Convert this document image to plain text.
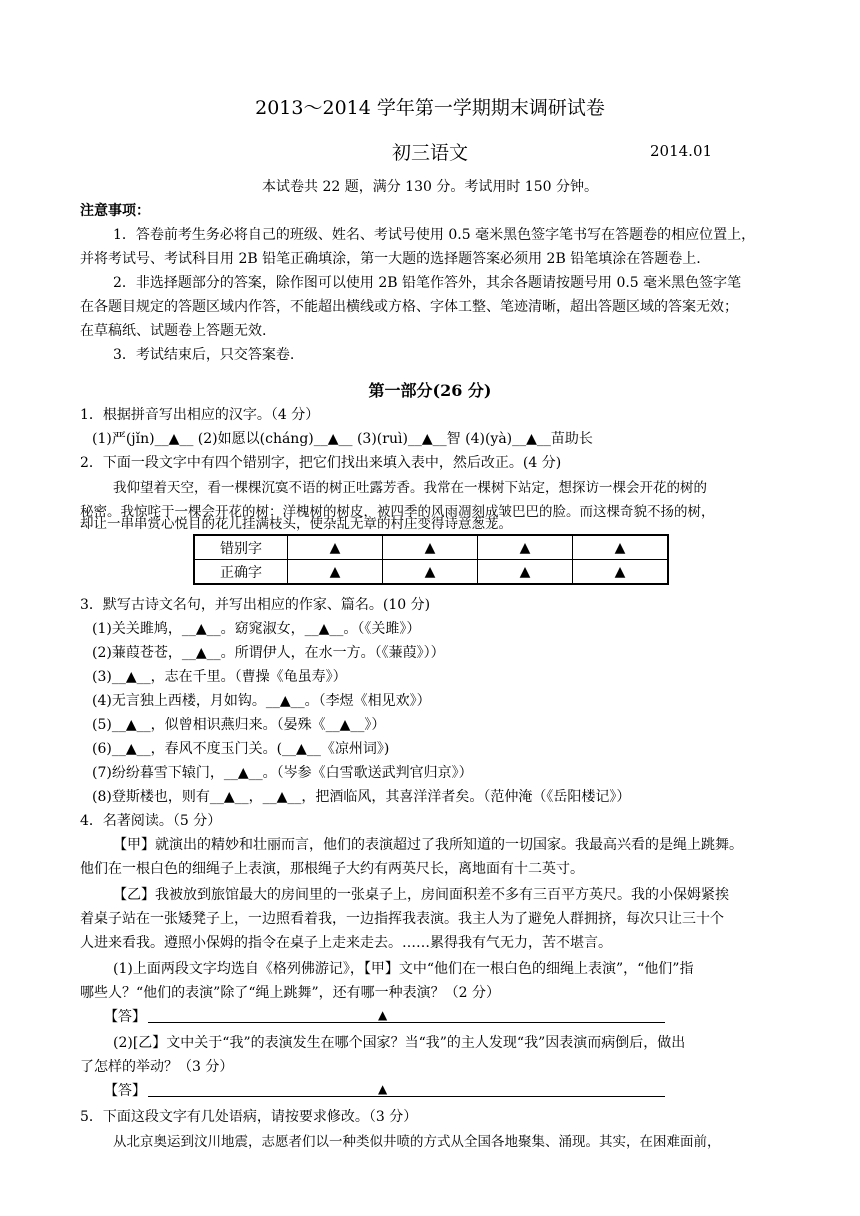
2013～2014 学年第一学期期末调研试卷
初三语文	2014.01
本试卷共 22 题，满分 130 分。考试用时 150 分钟。
注意事项：
1．答卷前考生务必将自己的班级、姓名、考试号使用 0.5 毫米黑色签字笔书写在答题卷的相应位置上，
并将考试号、考试科目用 2B 铅笔正确填涂，第一大题的选择题答案必须用 2B 铅笔填涂在答题卷上.
2．非选择题部分的答案，除作图可以使用 2B 铅笔作答外，其余各题请按题号用 0.5 毫米黑色签字笔
在各题目规定的答题区域内作答，不能超出横线或方格、字体工整、笔迹清晰，超出答题区域的答案无效；
在草稿纸、试题卷上答题无效.
3．考试结束后，只交答案卷.
第一部分(26 分)
1．根据拼音写出相应的汉字。（4 分）
(1)严(jǐn)__▲__ (2)如愿以(cháng)__▲__ (3)(ruì)__▲__智 (4)(yà)__▲__苗助长
2．下面一段文字中有四个错别字，把它们找出来填入表中，然后改正。(4 分)
我仰望着天空，看一棵棵沉寞不语的树正吐露芳香。我常在一棵树下站定，想探访一棵会开花的树的
秘密。我惊咤于一棵会开花的树：洋槐树的树皮，被四季的风雨凋刻成皱巴巴的脸。而这棵奇貌不扬的树，
却让一串串赏心悦目的花儿挂满枝头，使杂乱无章的村庄变得诗意葱茏。
错别字	▲	▲	▲	▲
正确字	▲	▲	▲	▲
3．默写古诗文名句，并写出相应的作家、篇名。(10 分)
(1)关关雎鸠，__▲__。窈窕淑女，__▲__。（《关雎》）
(2)蒹葭苍苍，__▲__。所谓伊人，在水一方。（《蒹葭》））
(3)__▲__，志在千里。（曹操《龟虽寿》）
(4)无言独上西楼，月如钩。__▲__。（李煜《相见欢》）
(5)__▲__，似曾相识燕归来。（晏殊《__▲__》）
(6)__▲__，春风不度玉门关。(__▲__《凉州词》)
(7)纷纷暮雪下辕门，__▲__。（岑参《白雪歌送武判官归京》）
(8)登斯楼也，则有__▲__，__▲__，把酒临风，其喜洋洋者矣。（范仲淹（《岳阳楼记》）
4．名著阅读。（5 分）
【甲】就演出的精妙和壮丽而言，他们的表演超过了我所知道的一切国家。我最高兴看的是绳上跳舞。
他们在一根白色的细绳子上表演，那根绳子大约有两英尺长，离地面有十二英寸。
【乙】我被放到旅馆最大的房间里的一张桌子上，房间面积差不多有三百平方英尺。我的小保姆紧挨
着桌子站在一张矮凳子上，一边照看着我，一边指挥我表演。我主人为了避免人群拥挤，每次只让三十个
人进来看我。遵照小保姆的指令在桌子上走来走去。……累得我有气无力，苦不堪言。
(1)上面两段文字均选自《格列佛游记》，【甲】文中“他们在一根白色的细绳上表演”，“他们”指
哪些人？“他们的表演”除了“绳上跳舞”，还有哪一种表演？（2 分）
【答】	▲
(2)[乙】文中关于“我”的表演发生在哪个国家？当“我”的主人发现“我”因表演而病倒后，做出
了怎样的举动？（3 分）
【答】	▲
5．下面这段文字有几处语病，请按要求修改。（3 分）
从北京奥运到汶川地震，志愿者们以一种类似井喷的方式从全国各地聚集、涌现。其实，在困难面前，
